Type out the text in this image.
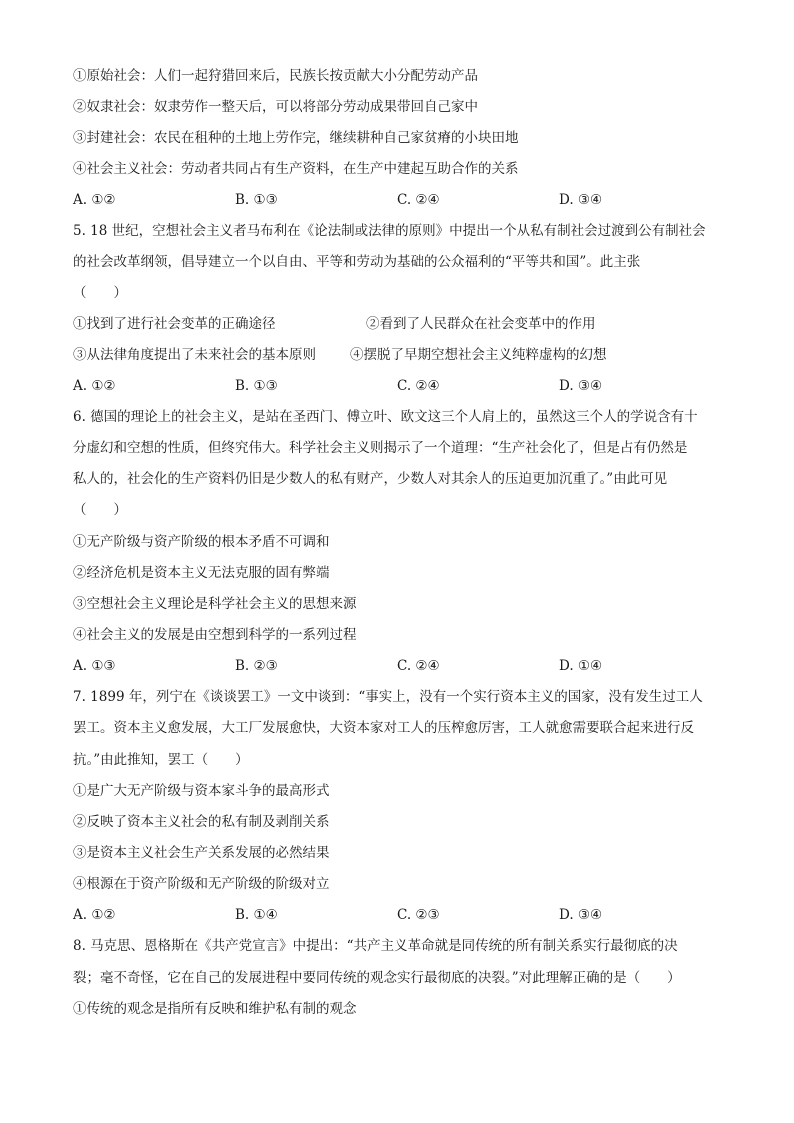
①原始社会：人们一起狩猎回来后，民族长按贡献大小分配劳动产品
②奴隶社会：奴隶劳作一整天后，可以将部分劳动成果带回自己家中
③封建社会：农民在租种的土地上劳作完，继续耕种自己家贫瘠的小块田地
④社会主义社会：劳动者共同占有生产资料，在生产中建起互助合作的关系
A. ①②	B. ①③	C. ②④	D. ③④
5. 18 世纪，空想社会主义者马布利在《论法制或法律的原则》中提出一个从私有制社会过渡到公有制社会
的社会改革纲领，倡导建立一个以自由、平等和劳动为基础的公众福利的“平等共和国”。此主张
（　　）
①找到了进行社会变革的正确途径	②看到了人民群众在社会变革中的作用
③从法律角度提出了未来社会的基本原则	④摆脱了早期空想社会主义纯粹虚构的幻想
A. ①②	B. ①③	C. ②④	D. ③④
6. 德国的理论上的社会主义，是站在圣西门、傅立叶、欧文这三个人肩上的，虽然这三个人的学说含有十
分虚幻和空想的性质，但终究伟大。科学社会主义则揭示了一个道理：“生产社会化了，但是占有仍然是
私人的，社会化的生产资料仍旧是少数人的私有财产，少数人对其余人的压迫更加沉重了。”由此可见
（　　）
①无产阶级与资产阶级的根本矛盾不可调和
②经济危机是资本主义无法克服的固有弊端
③空想社会主义理论是科学社会主义的思想来源
④社会主义的发展是由空想到科学的一系列过程
A. ①③	B. ②③	C. ②④	D. ①④
7. 1899 年，列宁在《谈谈罢工》一文中谈到：“事实上，没有一个实行资本主义的国家，没有发生过工人
罢工。资本主义愈发展，大工厂发展愈快，大资本家对工人的压榨愈厉害，工人就愈需要联合起来进行反
抗。”由此推知，罢工（　　）
①是广大无产阶级与资本家斗争的最高形式
②反映了资本主义社会的私有制及剥削关系
③是资本主义社会生产关系发展的必然结果
④根源在于资产阶级和无产阶级的阶级对立
A. ①②	B. ①④	C. ②③	D. ③④
8. 马克思、恩格斯在《共产党宣言》中提出：“共产主义革命就是同传统的所有制关系实行最彻底的决
裂；毫不奇怪，它在自己的发展进程中要同传统的观念实行最彻底的决裂。”对此理解正确的是（　　）
①传统的观念是指所有反映和维护私有制的观念
